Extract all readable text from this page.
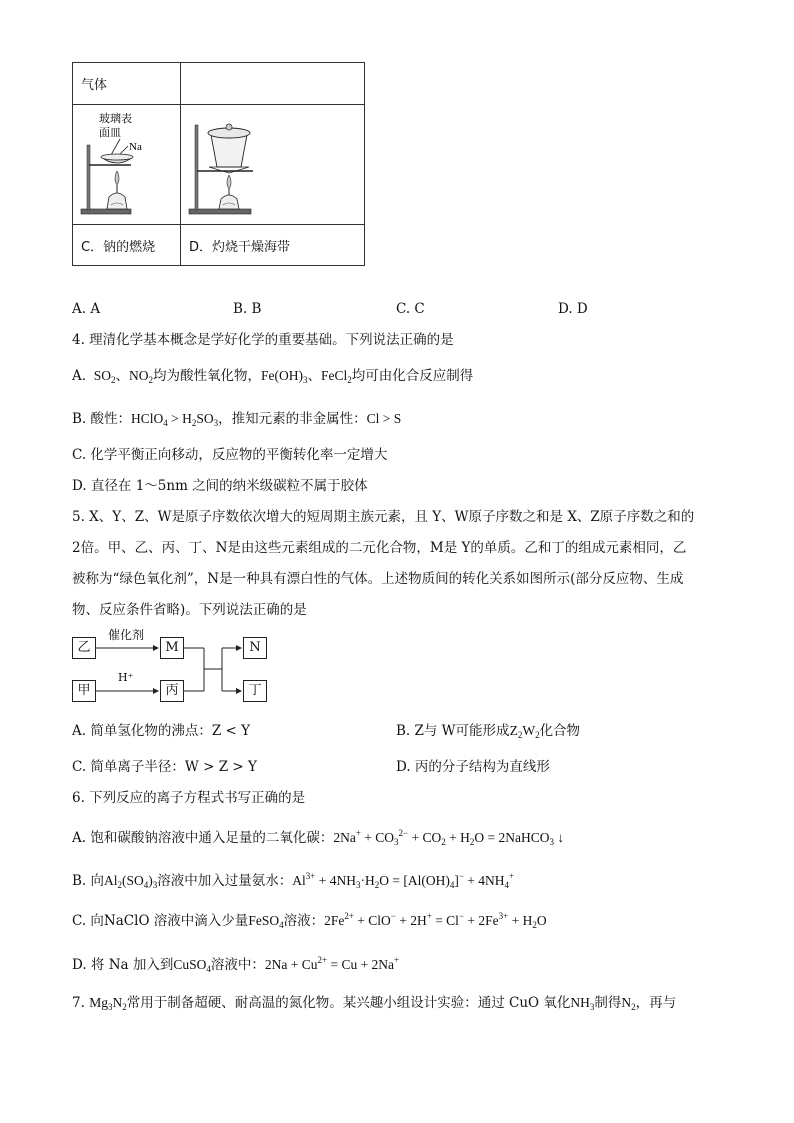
气体	

玻璃表
面皿
Na

C．钠的燃烧	D．灼烧干燥海带
A. A	B. B	C. C	D. D
4. 理清化学基本概念是学好化学的重要基础。下列说法正确的是
A.  $SO_2$、$NO_2$均为酸性氧化物，$Fe(OH)_3$、FeCl$_2$均可由化合反应制得
B. 酸性：HClO$_4$ > $H_2SO_3$，推知元素的非金属性：Cl > S
C. 化学平衡正向移动，反应物的平衡转化率一定增大
D. 直径在 1～5nm 之间的纳米级碳粒不属于胶体
5. X、Y、Z、W是原子序数依次增大的短周期主族元素，且 Y、W原子序数之和是 X、Z原子序数之和的
2倍。甲、乙、丙、丁、N是由这些元素组成的二元化合物，M是 Y的单质。乙和丁的组成元素相同，乙
被称为“绿色氧化剂”，N是一种具有漂白性的气体。上述物质间的转化关系如图所示(部分反应物、生成
物、反应条件省略)。下列说法正确的是
乙	M
甲	丙
N
丁
催化剂
H⁺
A. 简单氢化物的沸点：Z < Y	B. Z与 W可能形成$Z_2W_2$化合物
C. 简单离子半径：W > Z > Y	D. 丙的分子结构为直线形
6. 下列反应的离子方程式书写正确的是
A. 饱和碳酸钠溶液中通入足量的二氧化碳：$2Na^+ + CO_3^{2-} + CO_2 + H_2O$ = 2NaHCO$_3$ ↓
B. 向$Al_2(SO_4)_3$溶液中加入过量氨水：$Al^{3+} + 4NH_3\cdot H_2O = [Al(OH)_4]^- + 4NH_4^+$
C. 向NaClO 溶液中滴入少量FeSO$_4$溶液：$2Fe^{2+} + ClO^- + 2H^+ = Cl^- + 2Fe^{3+} + H_2O$
D. 将 Na 加入到CuSO$_4$溶液中：$2Na + Cu^{2+} = Cu + 2Na^+$
7. $Mg_3N_2$常用于制备超硬、耐高温的氮化物。某兴趣小组设计实验：通过 CuO 氧化$NH_3$制得$N_2$，再与
